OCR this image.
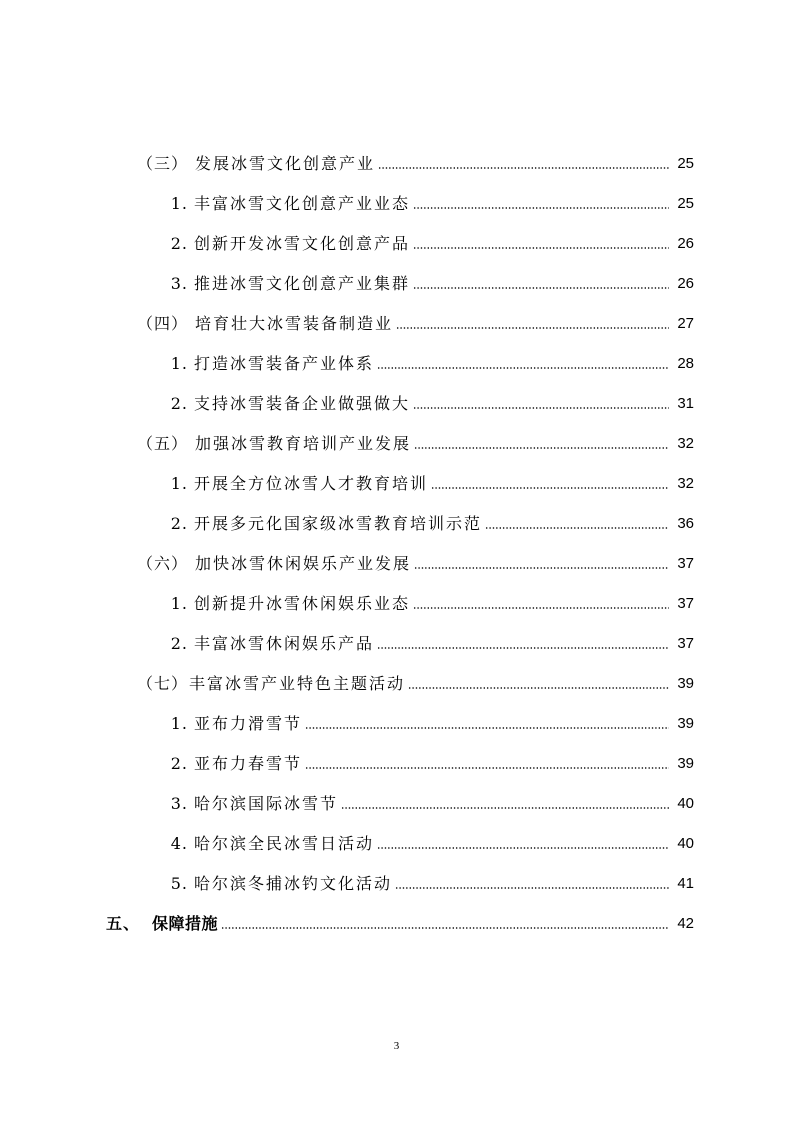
（三） 发展冰雪文化创意产业	25
1. 丰富冰雪文化创意产业业态	25
2. 创新开发冰雪文化创意产品	26
3. 推进冰雪文化创意产业集群	26
（四） 培育壮大冰雪装备制造业	27
1. 打造冰雪装备产业体系	28
2. 支持冰雪装备企业做强做大	31
（五） 加强冰雪教育培训产业发展	32
1. 开展全方位冰雪人才教育培训	32
2. 开展多元化国家级冰雪教育培训示范	36
（六） 加快冰雪休闲娱乐产业发展	37
1. 创新提升冰雪休闲娱乐业态	37
2. 丰富冰雪休闲娱乐产品	37
（七） 丰富冰雪产业特色主题活动	39
1. 亚布力滑雪节	39
2. 亚布力春雪节	39
3. 哈尔滨国际冰雪节	40
4. 哈尔滨全民冰雪日活动	40
5. 哈尔滨冬捕冰钓文化活动	41
五、 保障措施	42
3
